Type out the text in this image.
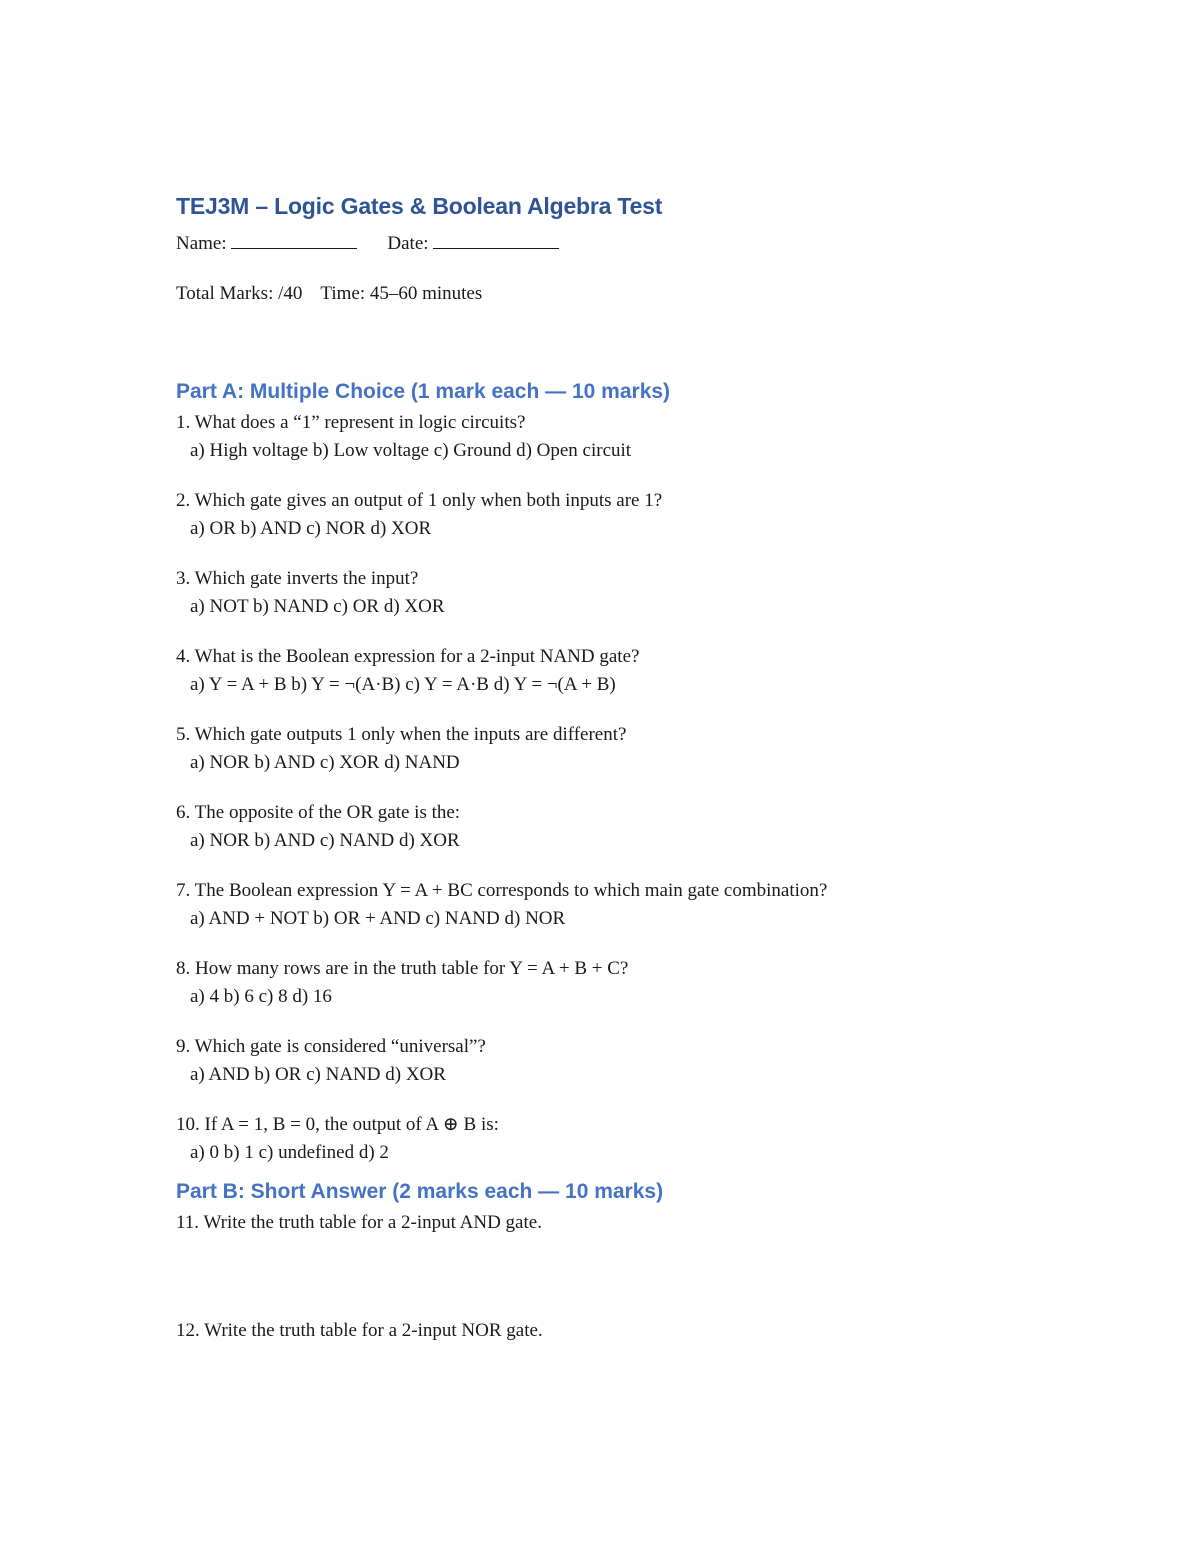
TEJ3M – Logic Gates & Boolean Algebra Test

Name:	Date:

Total Marks: /40 Time: 45–60 minutes

Part A: Multiple Choice (1 mark each — 10 marks)

1. What does a “1” represent in logic circuits?

a) High voltage b) Low voltage c) Ground d) Open circuit

2. Which gate gives an output of 1 only when both inputs are 1?

a) OR b) AND c) NOR d) XOR

3. Which gate inverts the input?

a) NOT b) NAND c) OR d) XOR

4. What is the Boolean expression for a 2-input NAND gate?

a) Y = A + B b) Y = ¬(A·B) c) Y = A·B d) Y = ¬(A + B)

5. Which gate outputs 1 only when the inputs are different?

a) NOR b) AND c) XOR d) NAND

6. The opposite of the OR gate is the:

a) NOR b) AND c) NAND d) XOR

7. The Boolean expression Y = A + BC corresponds to which main gate combination?

a) AND + NOT b) OR + AND c) NAND d) NOR

8. How many rows are in the truth table for Y = A + B + C?

a) 4 b) 6 c) 8 d) 16

9. Which gate is considered “universal”?

a) AND b) OR c) NAND d) XOR

10. If A = 1, B = 0, the output of A ⊕ B is:

a) 0 b) 1 c) undefined d) 2

Part B: Short Answer (2 marks each — 10 marks)

11. Write the truth table for a 2-input AND gate.

12. Write the truth table for a 2-input NOR gate.
